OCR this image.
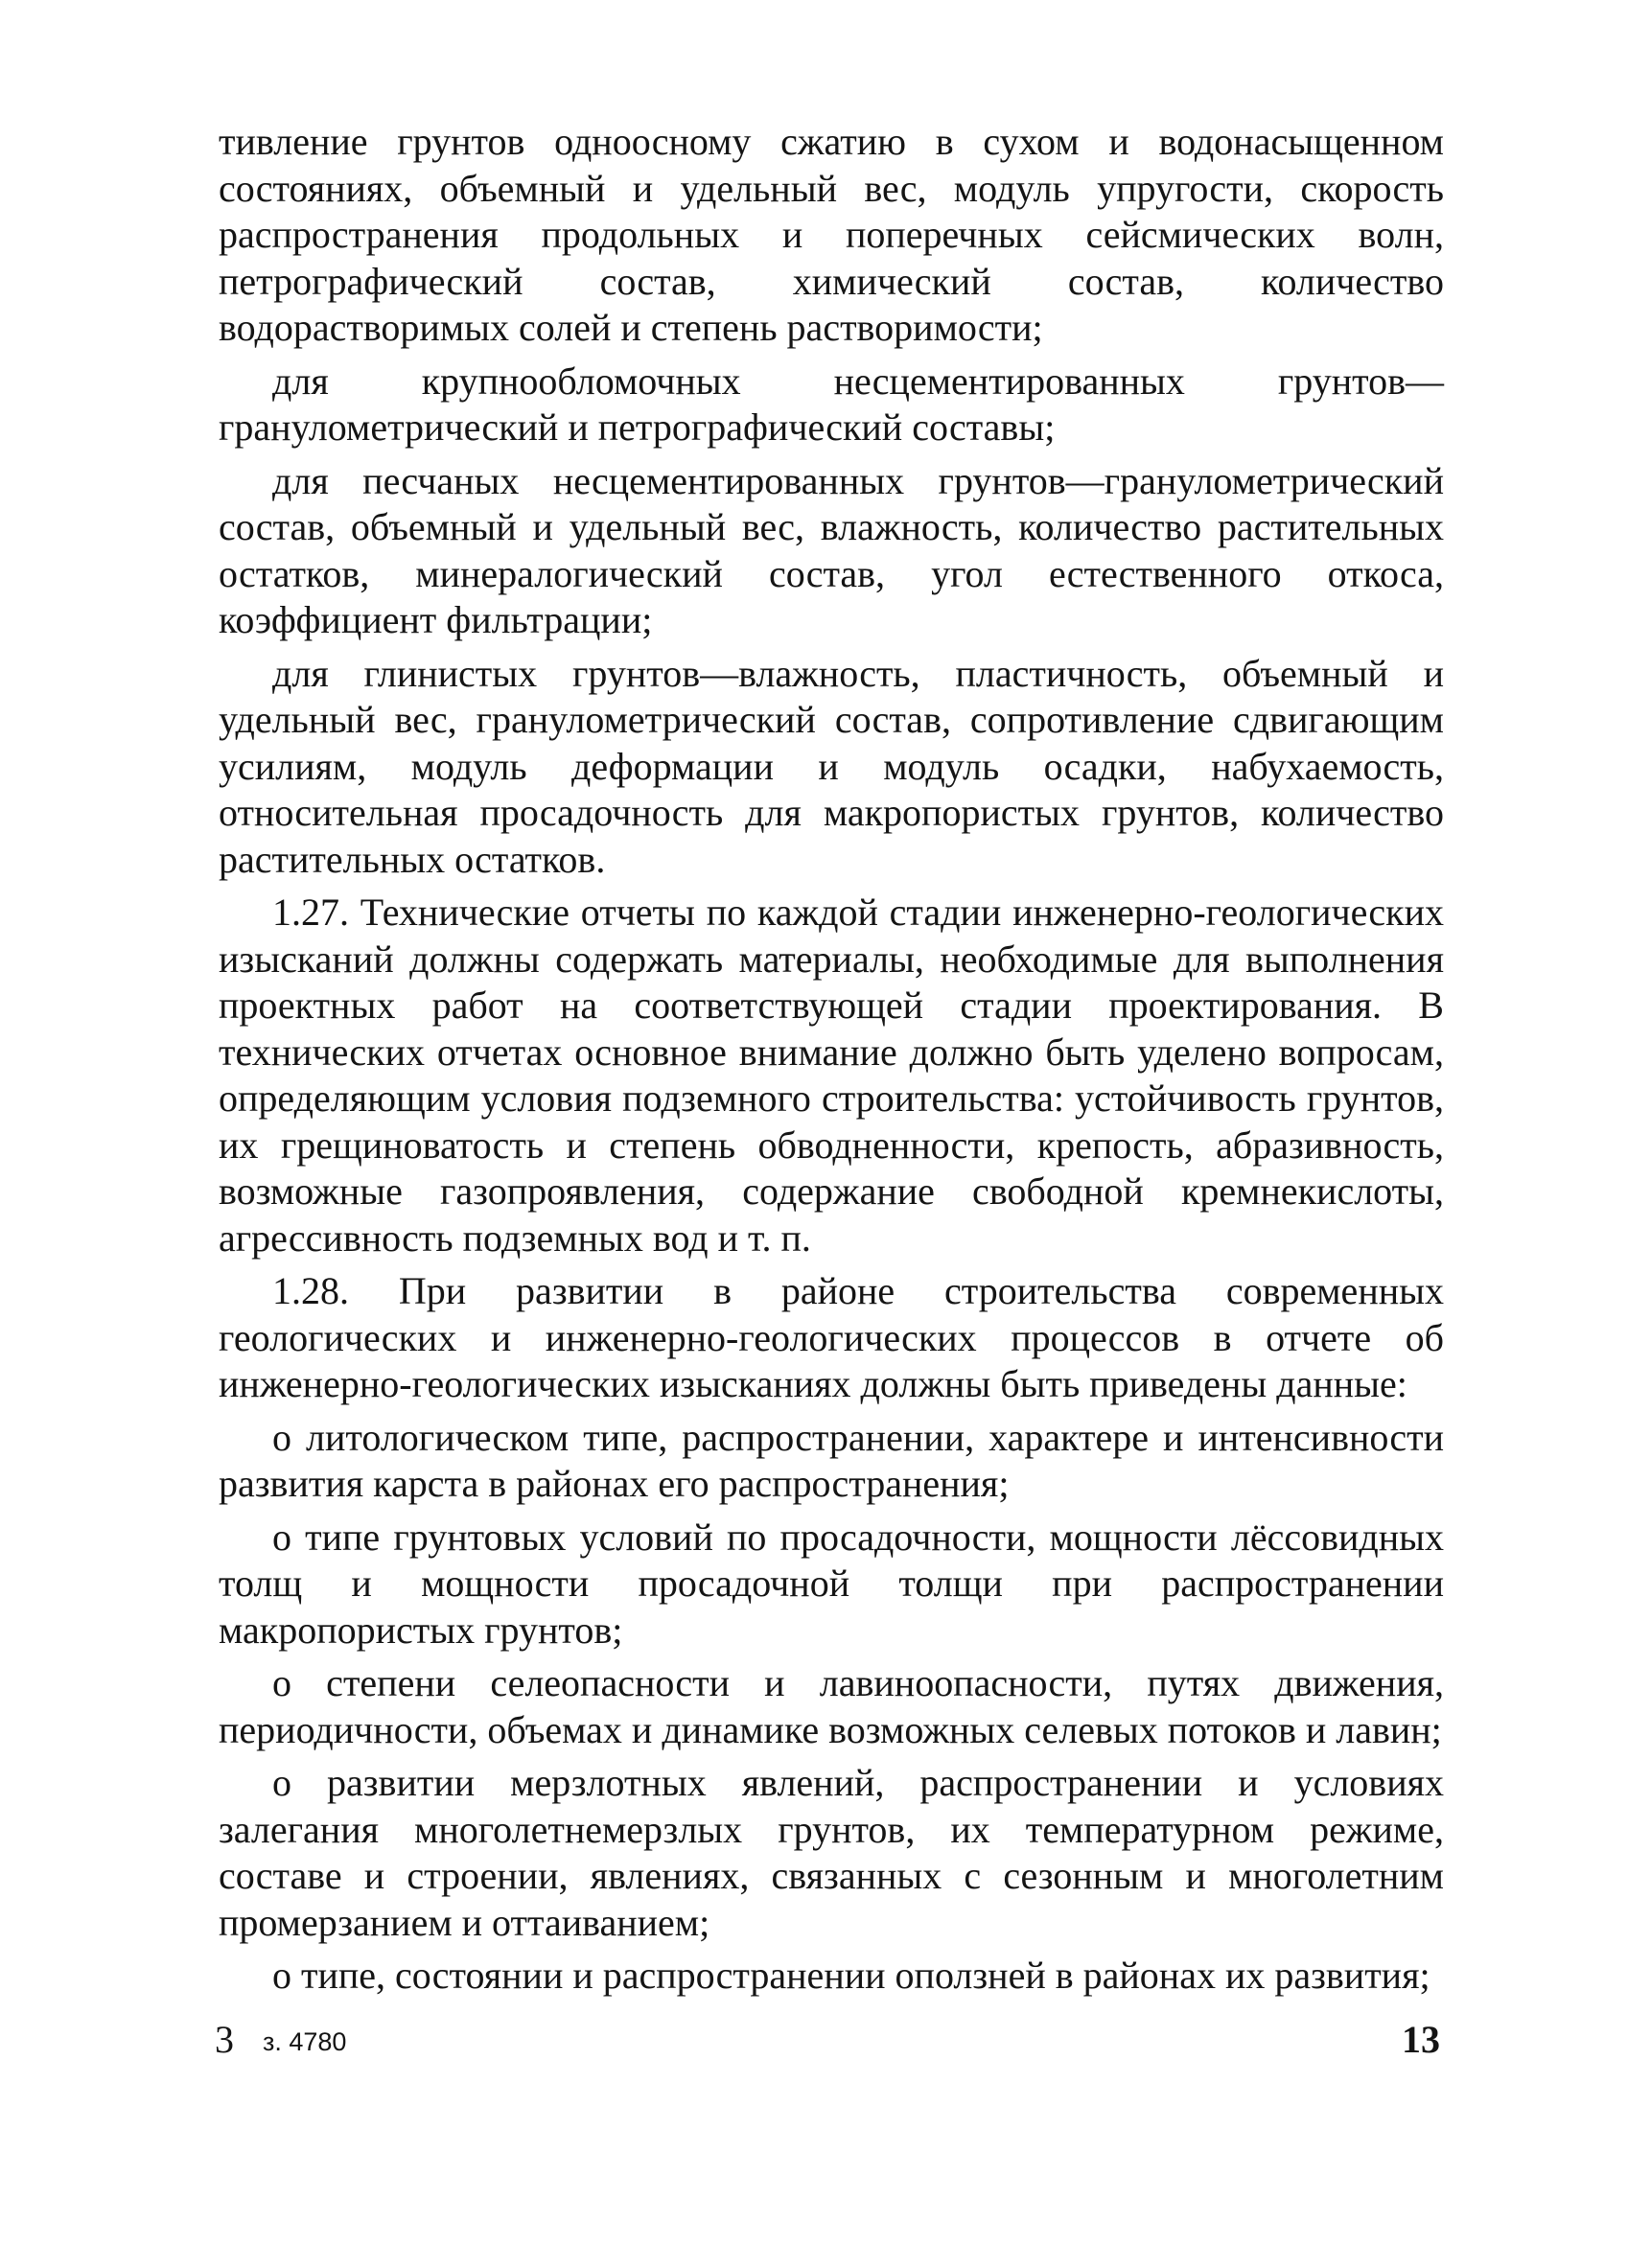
тивление грунтов одноосному сжатию в сухом и водонасыщенном состояниях, объемный и удельный вес, модуль упругости, скорость распространения продольных и поперечных сейсмических волн, петрографический состав, химический состав, количество водорастворимых солей и степень растворимости;

для крупнообломочных несцементированных грунтов—гранулометрический и петрографический составы;

для песчаных несцементированных грунтов—гранулометрический состав, объемный и удельный вес, влажность, количество растительных остатков, минералогический состав, угол естественного откоса, коэффициент фильтрации;

для глинистых грунтов—влажность, пластичность, объемный и удельный вес, гранулометрический состав, сопротивление сдвигающим усилиям, модуль деформации и модуль осадки, набухаемость, относительная просадочность для макропористых грунтов, количество растительных остатков.

1.27. Технические отчеты по каждой стадии инженерно-геологических изысканий должны содержать материалы, необходимые для выполнения проектных работ на соответствующей стадии проектирования. В технических отчетах основное внимание должно быть уделено вопросам, определяющим условия подземного строительства: устойчивость грунтов, их грещиноватость и степень обводненности, крепость, абразивность, возможные газопроявления, содержание свободной кремнекислоты, агрессивность подземных вод и т. п.

1.28. При развитии в районе строительства современных геологических и инженерно-геологических процессов в отчете об инженерно-геологических изысканиях должны быть приведены данные:

о литологическом типе, распространении, характере и интенсивности развития карста в районах его распространения;

о типе грунтовых условий по просадочности, мощности лёссовидных толщ и мощности просадочной толщи при распространении макропористых грунтов;

о степени селеопасности и лавиноопасности, путях движения, периодичности, объемах и динамике возможных селевых потоков и лавин;

о развитии мерзлотных явлений, распространении и условиях залегания многолетнемерзлых грунтов, их температурном режиме, составе и строении, явлениях, связанных с сезонным и многолетним промерзанием и оттаиванием;

о типе, состоянии и распространении оползней в районах их развития;

3 з. 4780	13
